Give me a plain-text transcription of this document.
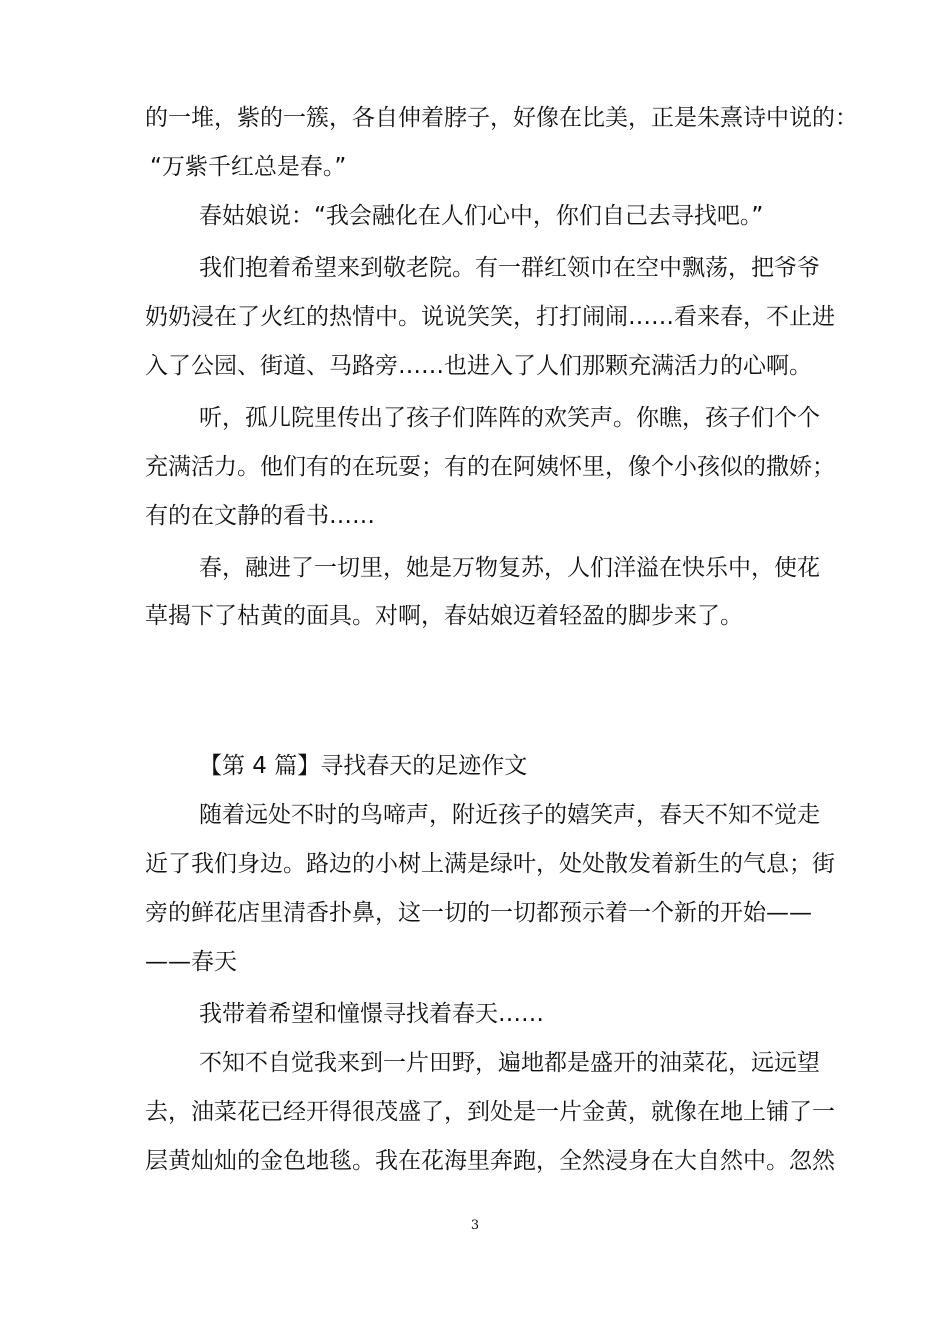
的一堆，紫的一簇，各自伸着脖子，好像在比美，正是朱熹诗中说的：
“万紫千红总是春。”
春姑娘说：“我会融化在人们心中，你们自己去寻找吧。”
我们抱着希望来到敬老院。有一群红领巾在空中飘荡，把爷爷
奶奶浸在了火红的热情中。说说笑笑，打打闹闹……看来春，不止进
入了公园、街道、马路旁……也进入了人们那颗充满活力的心啊。
听，孤儿院里传出了孩子们阵阵的欢笑声。你瞧，孩子们个个
充满活力。他们有的在玩耍；有的在阿姨怀里，像个小孩似的撒娇；
有的在文静的看书……
春，融进了一切里，她是万物复苏，人们洋溢在快乐中，使花
草揭下了枯黄的面具。对啊，春姑娘迈着轻盈的脚步来了。
【第 4 篇】寻找春天的足迹作文
随着远处不时的鸟啼声，附近孩子的嬉笑声，春天不知不觉走
近了我们身边。路边的小树上满是绿叶，处处散发着新生的气息；街
旁的鲜花店里清香扑鼻，这一切的一切都预示着一个新的开始——
——春天
我带着希望和憧憬寻找着春天……
不知不自觉我来到一片田野，遍地都是盛开的油菜花，远远望
去，油菜花已经开得很茂盛了，到处是一片金黄，就像在地上铺了一
层黄灿灿的金色地毯。我在花海里奔跑，全然浸身在大自然中。忽然
3
